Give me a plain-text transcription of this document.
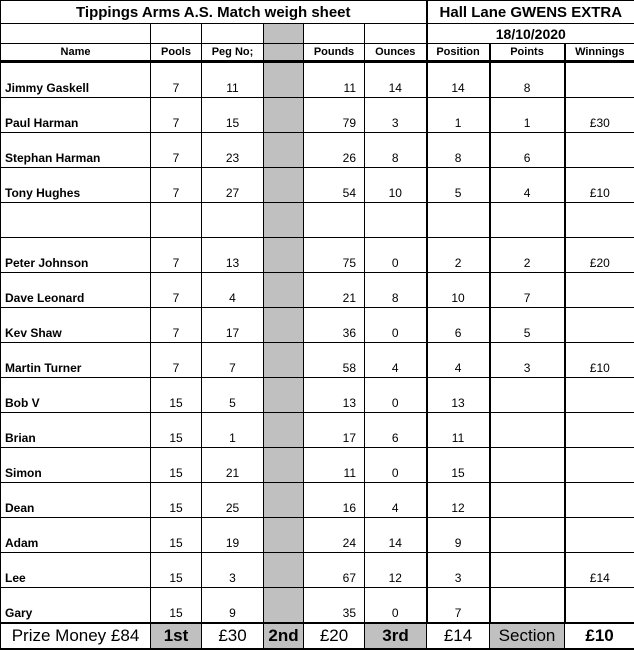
Tippings Arms A.S. Match weigh sheet						Hall Lane GWENS EXTRA		
						18/10/2020		
Name	Pools	Peg No;		Pounds	Ounces	Position	Points	Winnings
Jimmy Gaskell	7	11		11	14	14	8	
Paul Harman	7	15		79	3	1	1	£30
Stephan Harman	7	23		26	8	8	6	
Tony Hughes	7	27		54	10	5	4	£10

Peter Johnson	7	13		75	0	2	2	£20
Dave Leonard	7	4		21	8	10	7	
Kev Shaw	7	17		36	0	6	5	
Martin Turner	7	7		58	4	4	3	£10
Bob V	15	5		13	0	13		
Brian	15	1		17	6	11		
Simon	15	21		11	0	15		
Dean	15	25		16	4	12		
Adam	15	19		24	14	9		
Lee	15	3		67	12	3		£14
Gary	15	9		35	0	7		
Prize Money £84	1st	£30	2nd	£20	3rd	£14	Section	£10
